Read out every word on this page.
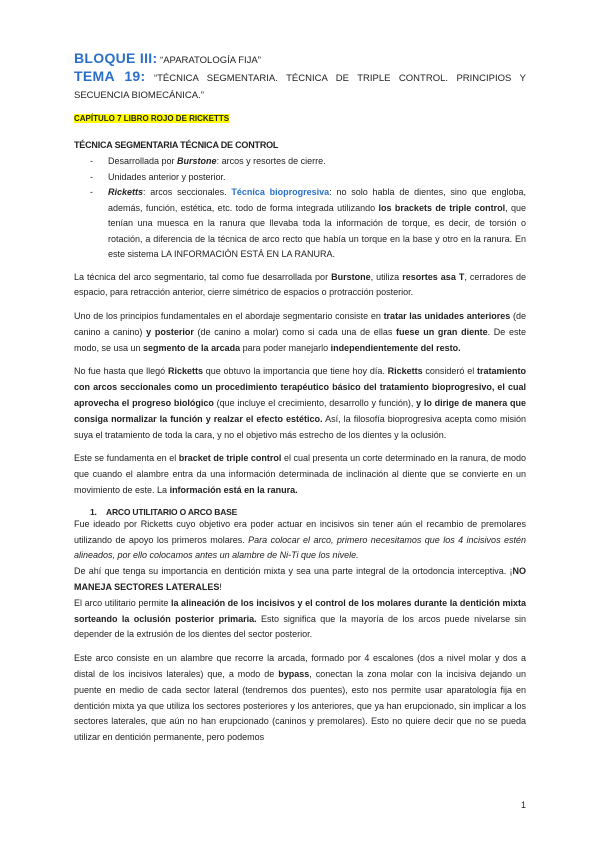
BLOQUE III: “APARATOLOGÍA FIJA”
TEMA 19: “TÉCNICA SEGMENTARIA. TÉCNICA DE TRIPLE CONTROL. PRINCIPIOS Y SECUENCIA BIOMECÁNICA.”
CAPÍTULO 7 LIBRO ROJO DE RICKETTS
TÉCNICA SEGMENTARIA TÉCNICA DE CONTROL
- Desarrollada por Burstone: arcos y resortes de cierre.
- Unidades anterior y posterior.
- Ricketts: arcos seccionales. Técnica bioprogresiva: no solo habla de dientes, sino que engloba, además, función, estética, etc. todo de forma integrada utilizando los brackets de triple control, que tenían una muesca en la ranura que llevaba toda la información de torque, es decir, de torsión o rotación, a diferencia de la técnica de arco recto que había un torque en la base y otro en la ranura. En este sistema LA INFORMACIÓN ESTÁ EN LA RANURA.

La técnica del arco segmentario, tal como fue desarrollada por Burstone, utiliza resortes asa T, cerradores de espacio, para retracción anterior, cierre simétrico de espacios o protracción posterior.

Uno de los principios fundamentales en el abordaje segmentario consiste en tratar las unidades anteriores (de canino a canino) y posterior (de canino a molar) como si cada una de ellas fuese un gran diente. De este modo, se usa un segmento de la arcada para poder manejarlo independientemente del resto.

No fue hasta que llegó Ricketts que obtuvo la importancia que tiene hoy día. Ricketts consideró el tratamiento con arcos seccionales como un procedimiento terapéutico básico del tratamiento bioprogresivo, el cual aprovecha el progreso biológico (que incluye el crecimiento, desarrollo y función), y lo dirige de manera que consiga normalizar la función y realzar el efecto estético. Así, la filosofía bioprogresiva acepta como misión suya el tratamiento de toda la cara, y no el objetivo más estrecho de los dientes y la oclusión.

Este se fundamenta en el bracket de triple control el cual presenta un corte determinado en la ranura, de modo que cuando el alambre entra da una información determinada de inclinación al diente que se convierte en un movimiento de este. La información está en la ranura.

1. ARCO UTILITARIO O ARCO BASE

Fue ideado por Ricketts cuyo objetivo era poder actuar en incisivos sin tener aún el recambio de premolares utilizando de apoyo los primeros molares. Para colocar el arco, primero necesitamos que los 4 incisivos estén alineados, por ello colocamos antes un alambre de Ni-Ti que los nivele.

De ahí que tenga su importancia en dentición mixta y sea una parte integral de la ortodoncia interceptiva. ¡NO MANEJA SECTORES LATERALES!

El arco utilitario permite la alineación de los incisivos y el control de los molares durante la dentición mixta sorteando la oclusión posterior primaria. Esto significa que la mayoría de los arcos puede nivelarse sin depender de la extrusión de los dientes del sector posterior.

Este arco consiste en un alambre que recorre la arcada, formado por 4 escalones (dos a nivel molar y dos a distal de los incisivos laterales) que, a modo de bypass, conectan la zona molar con la incisiva dejando un puente en medio de cada sector lateral (tendremos dos puentes), esto nos permite usar aparatología fija en dentición mixta ya que utiliza los sectores posteriores y los anteriores, que ya han erupcionado, sin implicar a los sectores laterales, que aún no han erupcionado (caninos y premolares). Esto no quiere decir que no se pueda utilizar en dentición permanente, pero podemos

1
